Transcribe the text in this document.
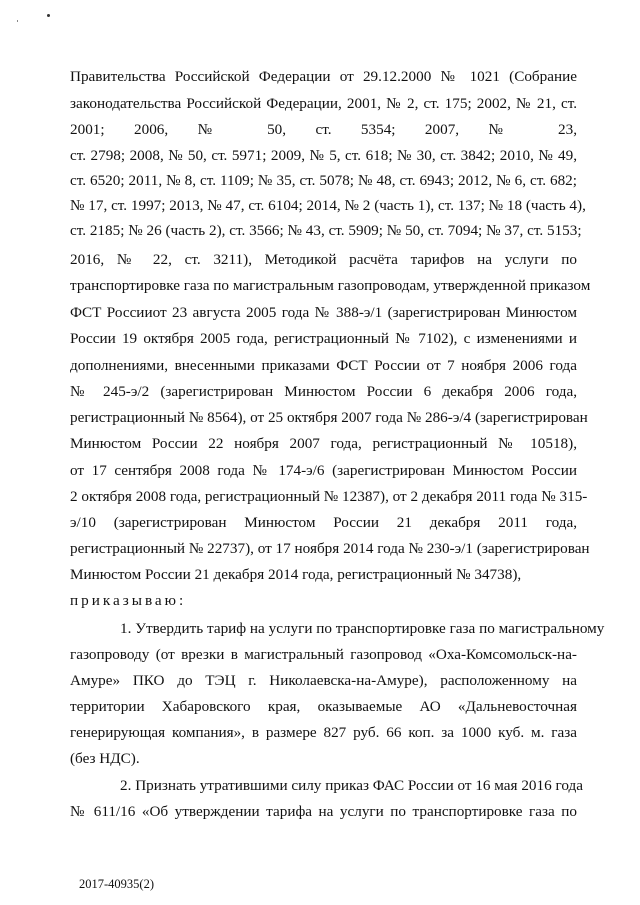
Правительства Российской Федерации от 29.12.2000 № 1021 (Собрание
законодательства Российской Федерации, 2001, № 2, ст. 175; 2002, № 21, ст.
2001; 2006, № 50, ст. 5354; 2007, № 23,
ст. 2798; 2008, № 50, ст. 5971; 2009, № 5, ст. 618; № 30, ст. 3842; 2010, № 49,
ст. 6520; 2011, № 8, ст. 1109; № 35, ст. 5078; № 48, ст. 6943; 2012, № 6, ст. 682;
№ 17, ст. 1997; 2013, № 47, ст. 6104; 2014, № 2 (часть 1), ст. 137; № 18 (часть 4),
ст. 2185; № 26 (часть 2), ст. 3566; № 43, ст. 5909; № 50, ст. 7094; № 37, ст. 5153;
2016, № 22, ст. 3211), Методикой расчёта тарифов на услуги по
транспортировке газа по магистральным газопроводам, утвержденной приказом
ФСТ Россииот 23 августа 2005 года № 388-э/1 (зарегистрирован Минюстом
России 19 октября 2005 года, регистрационный № 7102), с изменениями и
дополнениями, внесенными приказами ФСТ России от 7 ноября 2006 года
№ 245-э/2 (зарегистрирован Минюстом России 6 декабря 2006 года,
регистрационный № 8564), от 25 октября 2007 года № 286-э/4 (зарегистрирован
Минюстом России 22 ноября 2007 года, регистрационный № 10518),
от 17 сентября 2008 года № 174-э/6 (зарегистрирован Минюстом России
2 октября 2008 года, регистрационный № 12387), от 2 декабря 2011 года № 315-
э/10 (зарегистрирован Минюстом России 21 декабря 2011 года,
регистрационный № 22737), от 17 ноября 2014 года № 230-э/1 (зарегистрирован
Минюстом России 21 декабря 2014 года, регистрационный № 34738),
приказываю:
1. Утвердить тариф на услуги по транспортировке газа по магистральному
газопроводу (от врезки в магистральный газопровод «Оха-Комсомольск-на-
Амуре» ПКО до ТЭЦ г. Николаевска-на-Амуре), расположенному на
территории Хабаровского края, оказываемые АО «Дальневосточная
генерирующая компания», в размере 827 руб. 66 коп. за 1000 куб. м. газа
(без НДС).
2. Признать утратившими силу приказ ФАС России от 16 мая 2016 года
№ 611/16 «Об утверждении тарифа на услуги по транспортировке газа по
2017-40935(2)
